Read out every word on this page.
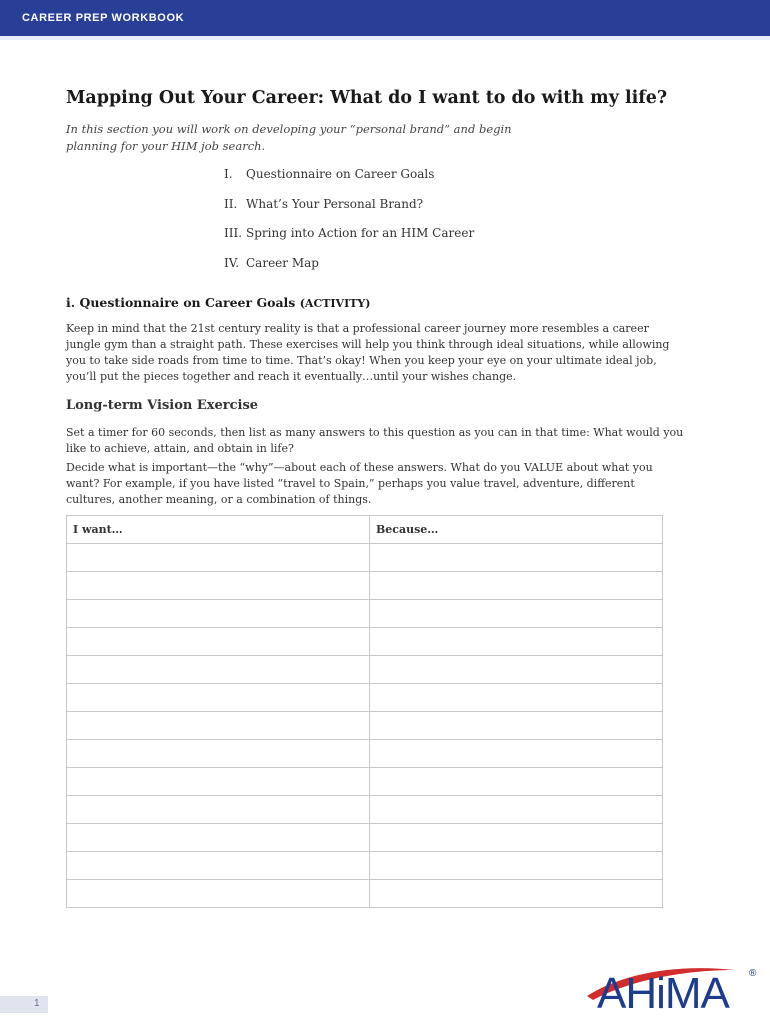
CAREER PREP WORKBOOK
Mapping Out Your Career: What do I want to do with my life?
In this section you will work on developing your “personal brand” and begin planning for your HIM job search.
I. Questionnaire on Career Goals
II. What’s Your Personal Brand?
III. Spring into Action for an HIM Career
IV. Career Map
i. Questionnaire on Career Goals (ACTIVITY)
Keep in mind that the 21st century reality is that a professional career journey more resembles a career jungle gym than a straight path. These exercises will help you think through ideal situations, while allowing you to take side roads from time to time. That’s okay! When you keep your eye on your ultimate ideal job, you’ll put the pieces together and reach it eventually…until your wishes change.
Long-term Vision Exercise
Set a timer for 60 seconds, then list as many answers to this question as you can in that time: What would you like to achieve, attain, and obtain in life?
Decide what is important—the “why”—about each of these answers. What do you VALUE about what you want? For example, if you have listed “travel to Spain,” perhaps you value travel, adventure, different cultures, another meaning, or a combination of things.
I want…	Because…

1	AHiMA ®
